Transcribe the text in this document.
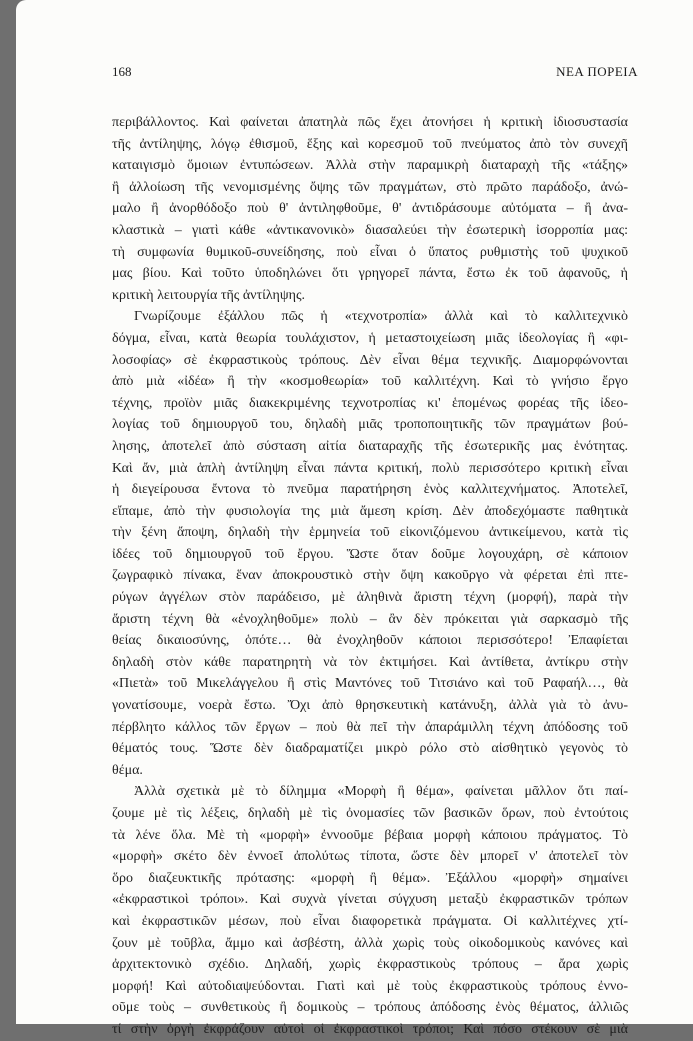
168	ΝΕΑ ΠΟΡΕΙΑ
περιβάλλοντος. Καὶ φαίνεται ἀπατηλὰ πῶς ἔχει ἀτονήσει ἡ κριτικὴ ἰδιοσυστασία
τῆς ἀντίληψης, λόγῳ ἐθισμοῦ, ἕξης καὶ κορεσμοῦ τοῦ πνεύματος ἀπὸ τὸν συνεχῆ
καταιγισμὸ ὅμοιων ἐντυπώσεων. Ἀλλὰ στὴν παραμικρὴ διαταραχὴ τῆς «τάξης»
ἢ ἀλλοίωση τῆς νενομισμένης ὄψης τῶν πραγμάτων, στὸ πρῶτο παράδοξο, ἀνώ-
μαλο ἢ ἀνορθόδοξο ποὺ θ' ἀντιληφθοῦμε, θ' ἀντιδράσουμε αὐτόματα – ἢ ἀνα-
κλαστικὰ – γιατὶ κάθε «ἀντικανονικὸ» διασαλεύει τὴν ἐσωτερικὴ ἰσορροπία μας:
τὴ συμφωνία θυμικοῦ-συνείδησης, ποὺ εἶναι ὁ ὕπατος ρυθμιστὴς τοῦ ψυχικοῦ
μας βίου. Καὶ τοῦτο ὑποδηλώνει ὅτι γρηγορεῖ πάντα, ἔστω ἐκ τοῦ ἀφανοῦς, ἡ
κριτικὴ λειτουργία τῆς ἀντίληψης.
Γνωρίζουμε ἐξάλλου πῶς ἡ «τεχνοτροπία» ἀλλὰ καὶ τὸ καλλιτεχνικὸ
δόγμα, εἶναι, κατὰ θεωρία τουλάχιστον, ἡ μεταστοιχείωση μιᾶς ἰδεολογίας ἢ «φι-
λοσοφίας» σὲ ἐκφραστικοὺς τρόπους. Δὲν εἶναι θέμα τεχνικῆς. Διαμορφώνονται
ἀπὸ μιὰ «ἰδέα» ἢ τὴν «κοσμοθεωρία» τοῦ καλλιτέχνη. Καὶ τὸ γνήσιο ἔργο
τέχνης, προϊὸν μιᾶς διακεκριμένης τεχνοτροπίας κι' ἑπομένως φορέας τῆς ἰδεο-
λογίας τοῦ δημιουργοῦ του, δηλαδὴ μιᾶς τροποποιητικῆς τῶν πραγμάτων βού-
λησης, ἀποτελεῖ ἀπὸ σύσταση αἰτία διαταραχῆς τῆς ἐσωτερικῆς μας ἑνότητας.
Καὶ ἄν, μιὰ ἁπλὴ ἀντίληψη εἶναι πάντα κριτική, πολὺ περισσότερο κριτικὴ εἶναι
ἡ διεγείρουσα ἔντονα τὸ πνεῦμα παρατήρηση ἑνὸς καλλιτεχνήματος. Ἀποτελεῖ,
εἴπαμε, ἀπὸ τὴν φυσιολογία της μιὰ ἄμεση κρίση. Δὲν ἀποδεχόμαστε παθητικὰ
τὴν ξένη ἄποψη, δηλαδὴ τὴν ἑρμηνεία τοῦ εἰκονιζόμενου ἀντικείμενου, κατὰ τὶς
ἰδέες τοῦ δημιουργοῦ τοῦ ἔργου. Ὥστε ὅταν δοῦμε λογουχάρη, σὲ κάποιον
ζωγραφικὸ πίνακα, ἕναν ἀποκρουστικὸ στὴν ὄψη κακοῦργο νὰ φέρεται ἐπὶ πτε-
ρύγων ἀγγέλων στὸν παράδεισο, μὲ ἀληθινὰ ἄριστη τέχνη (μορφή), παρὰ τὴν
ἄριστη τέχνη θὰ «ἐνοχληθοῦμε» πολὺ – ἂν δὲν πρόκειται γιὰ σαρκασμὸ τῆς
θείας δικαιοσύνης, ὁπότε… θὰ ἐνοχληθοῦν κάποιοι περισσότερο! Ἐπαφίεται
δηλαδὴ στὸν κάθε παρατηρητὴ νὰ τὸν ἐκτιμήσει. Καὶ ἀντίθετα, ἀντίκρυ στὴν
«Πιετὰ» τοῦ Μικελάγγελου ἢ στὶς Μαντόνες τοῦ Τιτσιάνο καὶ τοῦ Ραφαήλ…, θὰ
γονατίσουμε, νοερὰ ἔστω. Ὄχι ἀπὸ θρησκευτικὴ κατάνυξη, ἀλλὰ γιὰ τὸ ἀνυ-
πέρβλητο κάλλος τῶν ἔργων – ποὺ θὰ πεῖ τὴν ἀπαράμιλλη τέχνη ἀπόδοσης τοῦ
θέματός τους. Ὥστε δὲν διαδραματίζει μικρὸ ρόλο στὸ αἰσθητικὸ γεγονὸς τὸ
θέμα.
Ἀλλὰ σχετικὰ μὲ τὸ δίλημμα «Μορφὴ ἢ θέμα», φαίνεται μᾶλλον ὅτι παί-
ζουμε μὲ τὶς λέξεις, δηλαδὴ μὲ τὶς ὀνομασίες τῶν βασικῶν ὅρων, ποὺ ἐντούτοις
τὰ λένε ὅλα. Μὲ τὴ «μορφὴ» ἐννοοῦμε βέβαια μορφὴ κάποιου πράγματος. Τὸ
«μορφὴ» σκέτο δὲν ἐννοεῖ ἀπολύτως τίποτα, ὥστε δὲν μπορεῖ ν' ἀποτελεῖ τὸν
ὅρο διαζευκτικῆς πρότασης: «μορφὴ ἢ θέμα». Ἐξάλλου «μορφὴ» σημαίνει
«ἐκφραστικοὶ τρόποι». Καὶ συχνὰ γίνεται σύγχυση μεταξὺ ἐκφραστικῶν τρόπων
καὶ ἐκφραστικῶν μέσων, ποὺ εἶναι διαφορετικὰ πράγματα. Οἱ καλλιτέχνες χτί-
ζουν μὲ τοῦβλα, ἄμμο καὶ ἀσβέστη, ἀλλὰ χωρὶς τοὺς οἰκοδομικοὺς κανόνες καὶ
ἀρχιτεκτονικὸ σχέδιο. Δηλαδή, χωρὶς ἐκφραστικοὺς τρόπους – ἄρα χωρὶς
μορφή! Καὶ αὐτοδιαψεύδονται. Γιατὶ καὶ μὲ τοὺς ἐκφραστικοὺς τρόπους ἐννο-
οῦμε τοὺς – συνθετικοὺς ἢ δομικοὺς – τρόπους ἀπόδοσης ἑνὸς θέματος, ἀλλιῶς
τί στὴν ὀργὴ ἐκφράζουν αὐτοὶ οἱ ἐκφραστικοὶ τρόποι; Καὶ πόσο στέκουν σὲ μιὰ
